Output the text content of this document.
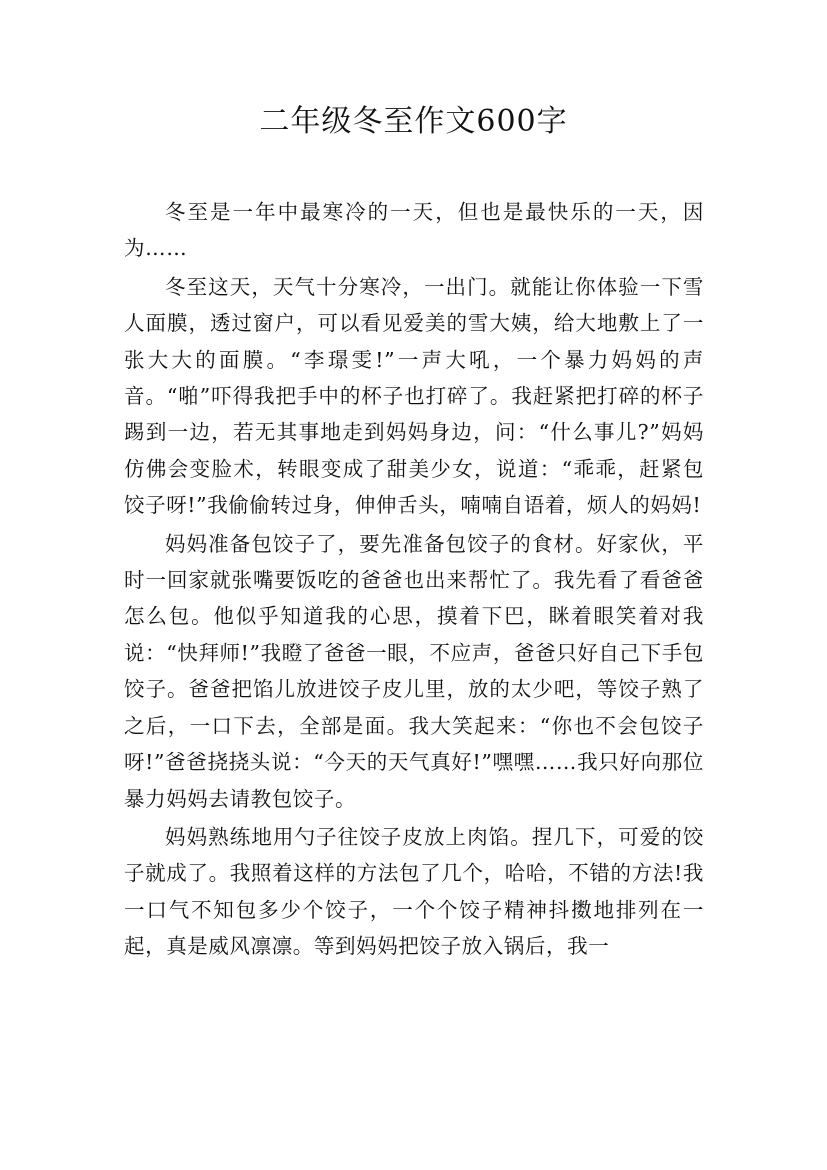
二年级冬至作文600字

冬至是一年中最寒冷的一天，但也是最快乐的一天，因为……

冬至这天，天气十分寒冷，一出门。就能让你体验一下雪人面膜，透过窗户，可以看见爱美的雪大姨，给大地敷上了一张大大的面膜。“李璟雯!”一声大吼，一个暴力妈妈的声音。“啪”吓得我把手中的杯子也打碎了。我赶紧把打碎的杯子踢到一边，若无其事地走到妈妈身边，问：“什么事儿?”妈妈仿佛会变脸术，转眼变成了甜美少女，说道：“乖乖，赶紧包饺子呀!”我偷偷转过身，伸伸舌头，喃喃自语着，烦人的妈妈!

妈妈准备包饺子了，要先准备包饺子的食材。好家伙，平时一回家就张嘴要饭吃的爸爸也出来帮忙了。我先看了看爸爸怎么包。他似乎知道我的心思，摸着下巴，眯着眼笑着对我说：“快拜师!”我瞪了爸爸一眼，不应声，爸爸只好自己下手包饺子。爸爸把馅儿放进饺子皮儿里，放的太少吧，等饺子熟了之后，一口下去，全部是面。我大笑起来：“你也不会包饺子呀!”爸爸挠挠头说：“今天的天气真好!”嘿嘿……我只好向那位暴力妈妈去请教包饺子。

妈妈熟练地用勺子往饺子皮放上肉馅。捏几下，可爱的饺子就成了。我照着这样的方法包了几个，哈哈，不错的方法!我一口气不知包多少个饺子，一个个饺子精神抖擞地排列在一起，真是威风凛凛。等到妈妈把饺子放入锅后，我一
